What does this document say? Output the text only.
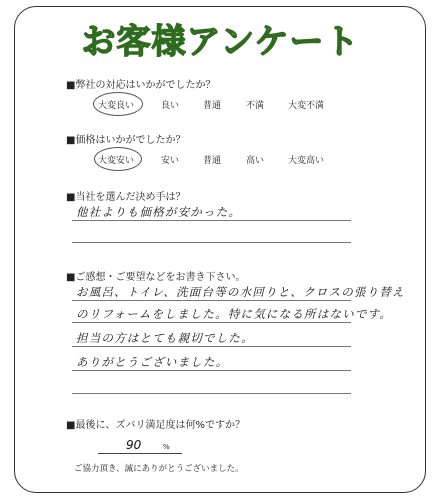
お客様アンケート
■弊社の対応はいかがでしたか？
大変良い	良い	普通	不満	大変不満
■価格はいかがでしたか？
大変安い	安い	普通	高い	大変高い
■当社を選んだ決め手は？
他社よりも価格が安かった。
■ご感想・ご要望などをお書き下さい。
お風呂、トイレ、洗面台等の水回りと、クロスの張り替え
のリフォームをしました。特に気になる所はないです。
担当の方はとても親切でした。
ありがとうございました。
■最後に、ズバリ満足度は何%ですか？
90	%
ご協力頂き、誠にありがとうございました。
